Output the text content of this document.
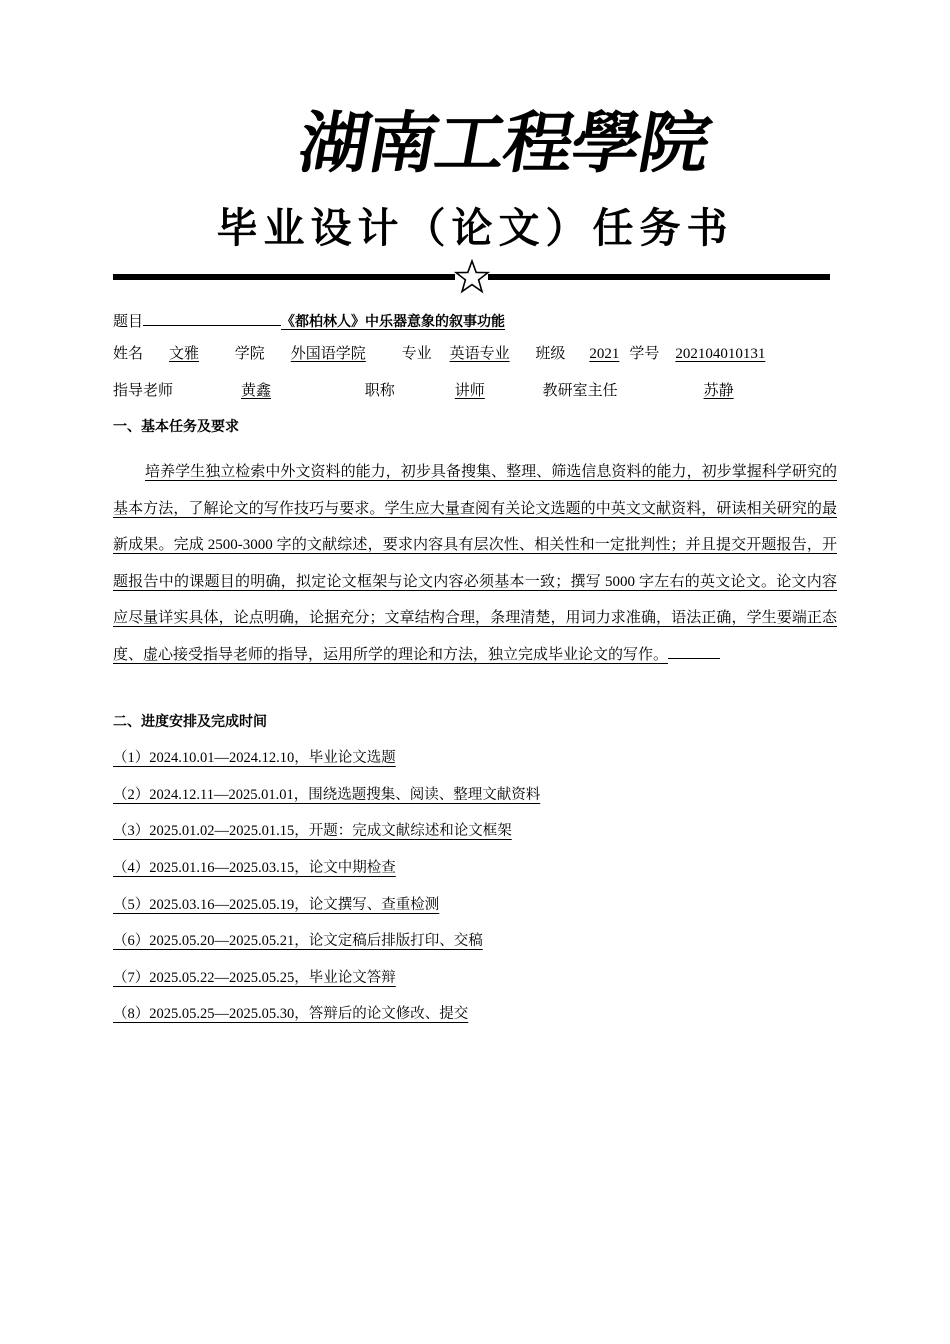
湖南工程學院
毕业设计（论文）任务书
题目	《都柏林人》中乐器意象的叙事功能
姓名 文雅 学院 外国语学院 专业 英语专业 班级 2021 学号 202104010131
指导老师	黄鑫	职称	讲师	教研室主任	苏静
一、基本任务及要求
培养学生独立检索中外文资料的能力，初步具备搜集、整理、筛选信息资料的能力，初步掌握科学研究的基本方法，了解论文的写作技巧与要求。学生应大量查阅有关论文选题的中英文文献资料，研读相关研究的最新成果。完成 2500-3000 字的文献综述，要求内容具有层次性、相关性和一定批判性；并且提交开题报告，开题报告中的课题目的明确，拟定论文框架与论文内容必须基本一致；撰写 5000 字左右的英文论文。论文内容应尽量详实具体，论点明确，论据充分；文章结构合理，条理清楚，用词力求准确，语法正确，学生要端正态度、虚心接受指导老师的指导，运用所学的理论和方法，独立完成毕业论文的写作。
二、进度安排及完成时间
（1）2024.10.01—2024.12.10，毕业论文选题
（2）2024.12.11—2025.01.01，围绕选题搜集、阅读、整理文献资料
（3）2025.01.02—2025.01.15，开题：完成文献综述和论文框架
（4）2025.01.16—2025.03.15，论文中期检查
（5）2025.03.16—2025.05.19，论文撰写、查重检测
（6）2025.05.20—2025.05.21，论文定稿后排版打印、交稿
（7）2025.05.22—2025.05.25，毕业论文答辩
（8）2025.05.25—2025.05.30，答辩后的论文修改、提交
